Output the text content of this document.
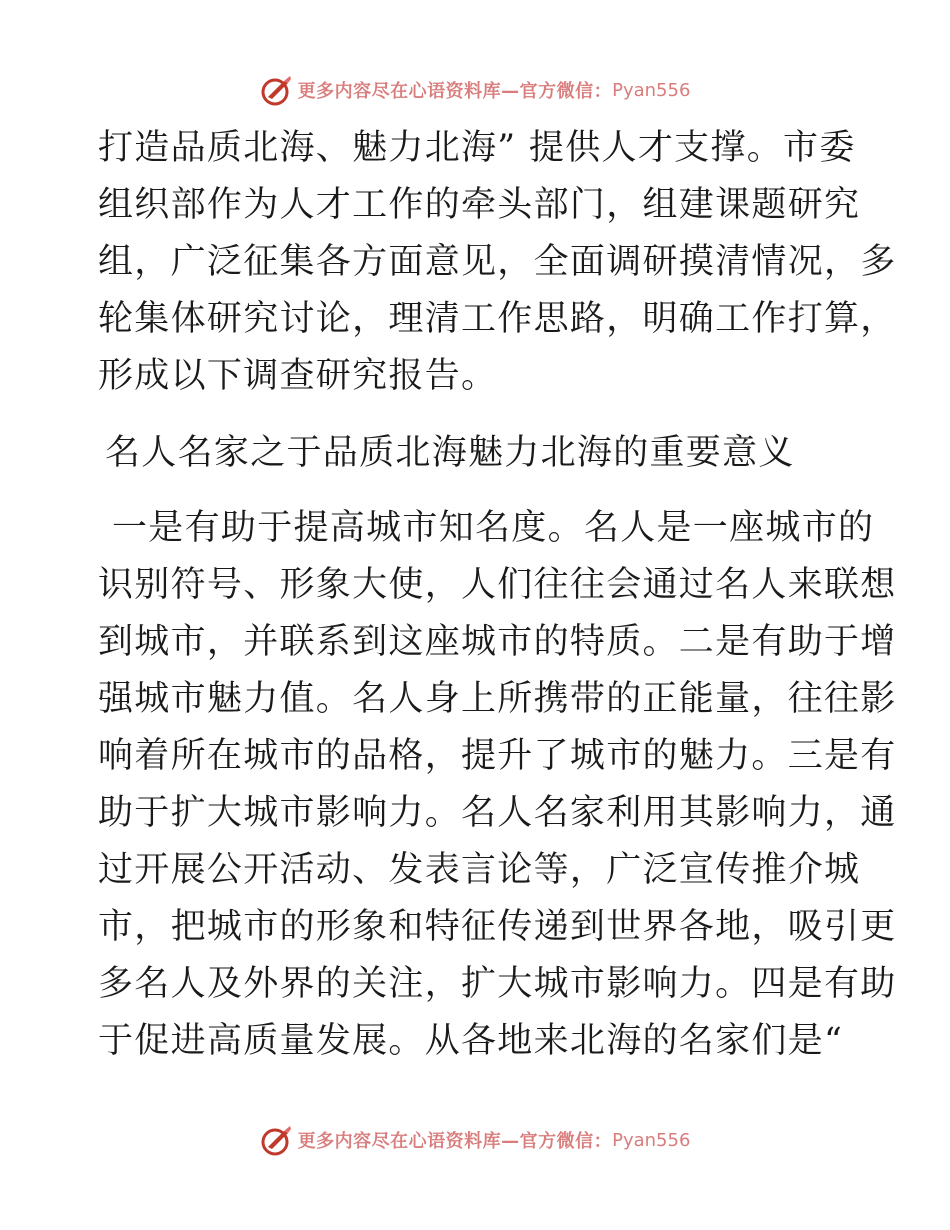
更多内容尽在心语资料库—官方微信： Pyan556
打造品质北海、魅力北海” 提供人才支撑。市委
组织部作为人才工作的牵头部门，组建课题研究
组，广泛征集各方面意见，全面调研摸清情况，多
轮集体研究讨论，理清工作思路，明确工作打算，
形成以下调查研究报告。
名人名家之于品质北海魅力北海的重要意义
一是有助于提高城市知名度。名人是一座城市的
识别符号、形象大使，人们往往会通过名人来联想
到城市，并联系到这座城市的特质。二是有助于增
强城市魅力值。名人身上所携带的正能量，往往影
响着所在城市的品格，提升了城市的魅力。三是有
助于扩大城市影响力。名人名家利用其影响力，通
过开展公开活动、发表言论等，广泛宣传推介城
市，把城市的形象和特征传递到世界各地，吸引更
多名人及外界的关注，扩大城市影响力。四是有助
于促进高质量发展。从各地来北海的名家们是“
更多内容尽在心语资料库—官方微信： Pyan556
